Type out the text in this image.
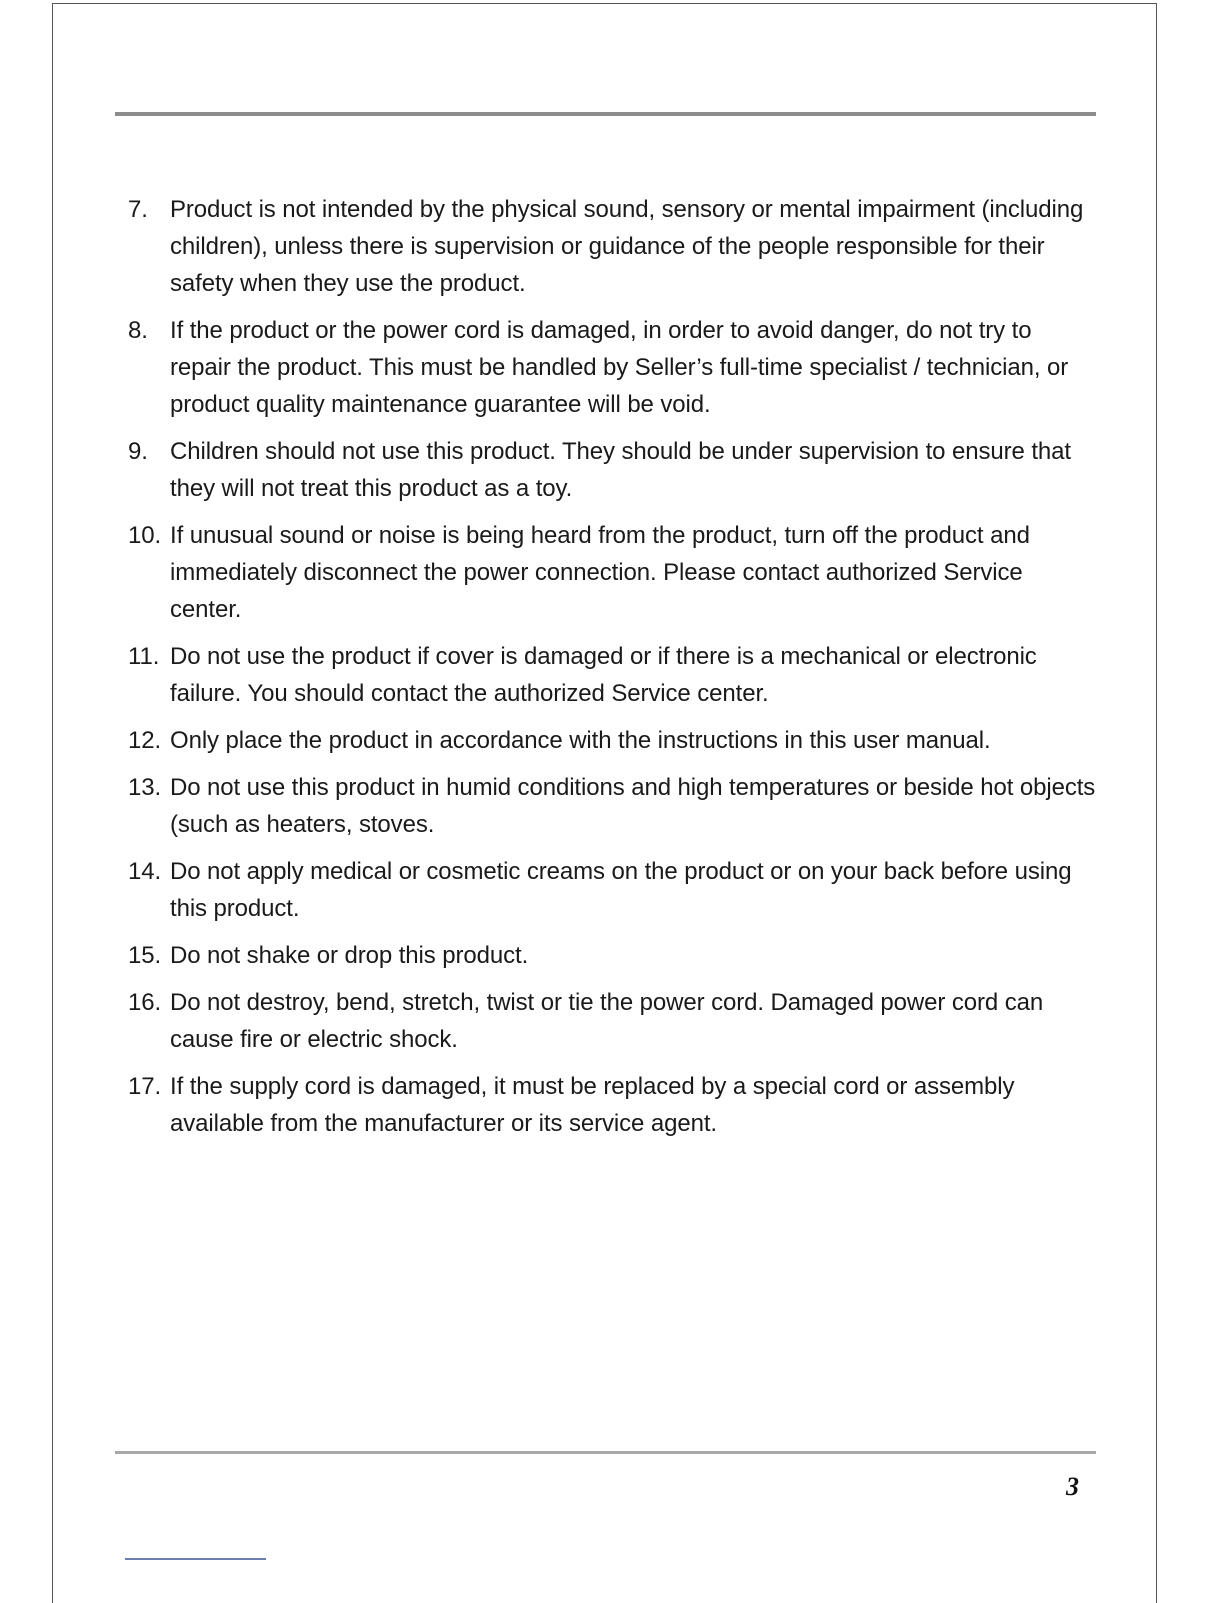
7. Product is not intended by the physical sound, sensory or mental impairment (including children), unless there is supervision or guidance of the people responsible for their safety when they use the product.
8. If the product or the power cord is damaged, in order to avoid danger, do not try to repair the product. This must be handled by Seller’s full-time specialist / technician, or product quality maintenance guarantee will be void.
9. Children should not use this product. They should be under supervision to ensure that they will not treat this product as a toy.
10. If unusual sound or noise is being heard from the product, turn off the product and immediately disconnect the power connection. Please contact authorized Service center.
11. Do not use the product if cover is damaged or if there is a mechanical or electronic failure. You should contact the authorized Service center.
12. Only place the product in accordance with the instructions in this user manual.
13. Do not use this product in humid conditions and high temperatures or beside hot objects (such as heaters, stoves.
14. Do not apply medical or cosmetic creams on the product or on your back before using this product.
15. Do not shake or drop this product.
16. Do not destroy, bend, stretch, twist or tie the power cord. Damaged power cord can cause fire or electric shock.
17. If the supply cord is damaged, it must be replaced by a special cord or assembly available from the manufacturer or its service agent.
3
